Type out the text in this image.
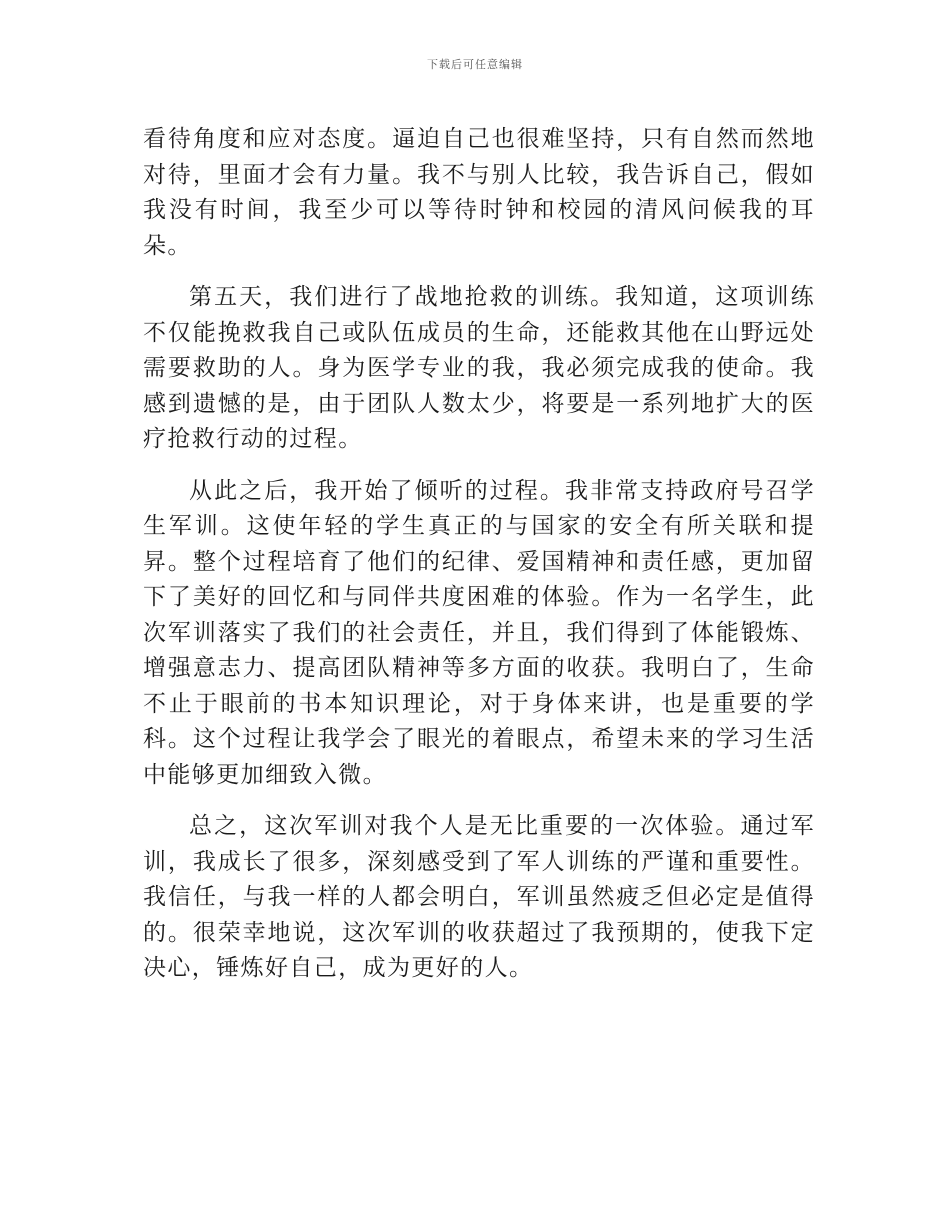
下载后可任意编辑

看待角度和应对态度。逼迫自己也很难坚持，只有自然而然地对待，里面才会有力量。我不与别人比较，我告诉自己，假如我没有时间，我至少可以等待时钟和校园的清风问候我的耳朵。

第五天，我们进行了战地抢救的训练。我知道，这项训练不仅能挽救我自己或队伍成员的生命，还能救其他在山野远处需要救助的人。身为医学专业的我，我必须完成我的使命。我感到遗憾的是，由于团队人数太少，将要是一系列地扩大的医疗抢救行动的过程。

从此之后，我开始了倾听的过程。我非常支持政府号召学生军训。这使年轻的学生真正的与国家的安全有所关联和提昇。整个过程培育了他们的纪律、爱国精神和责任感，更加留下了美好的回忆和与同伴共度困难的体验。作为一名学生，此次军训落实了我们的社会责任，并且，我们得到了体能锻炼、增强意志力、提高团队精神等多方面的收获。我明白了，生命不止于眼前的书本知识理论，对于身体来讲，也是重要的学科。这个过程让我学会了眼光的着眼点，希望未来的学习生活中能够更加细致入微。

总之，这次军训对我个人是无比重要的一次体验。通过军训，我成长了很多，深刻感受到了军人训练的严谨和重要性。我信任，与我一样的人都会明白，军训虽然疲乏但必定是值得的。很荣幸地说，这次军训的收获超过了我预期的，使我下定决心，锤炼好自己，成为更好的人。
